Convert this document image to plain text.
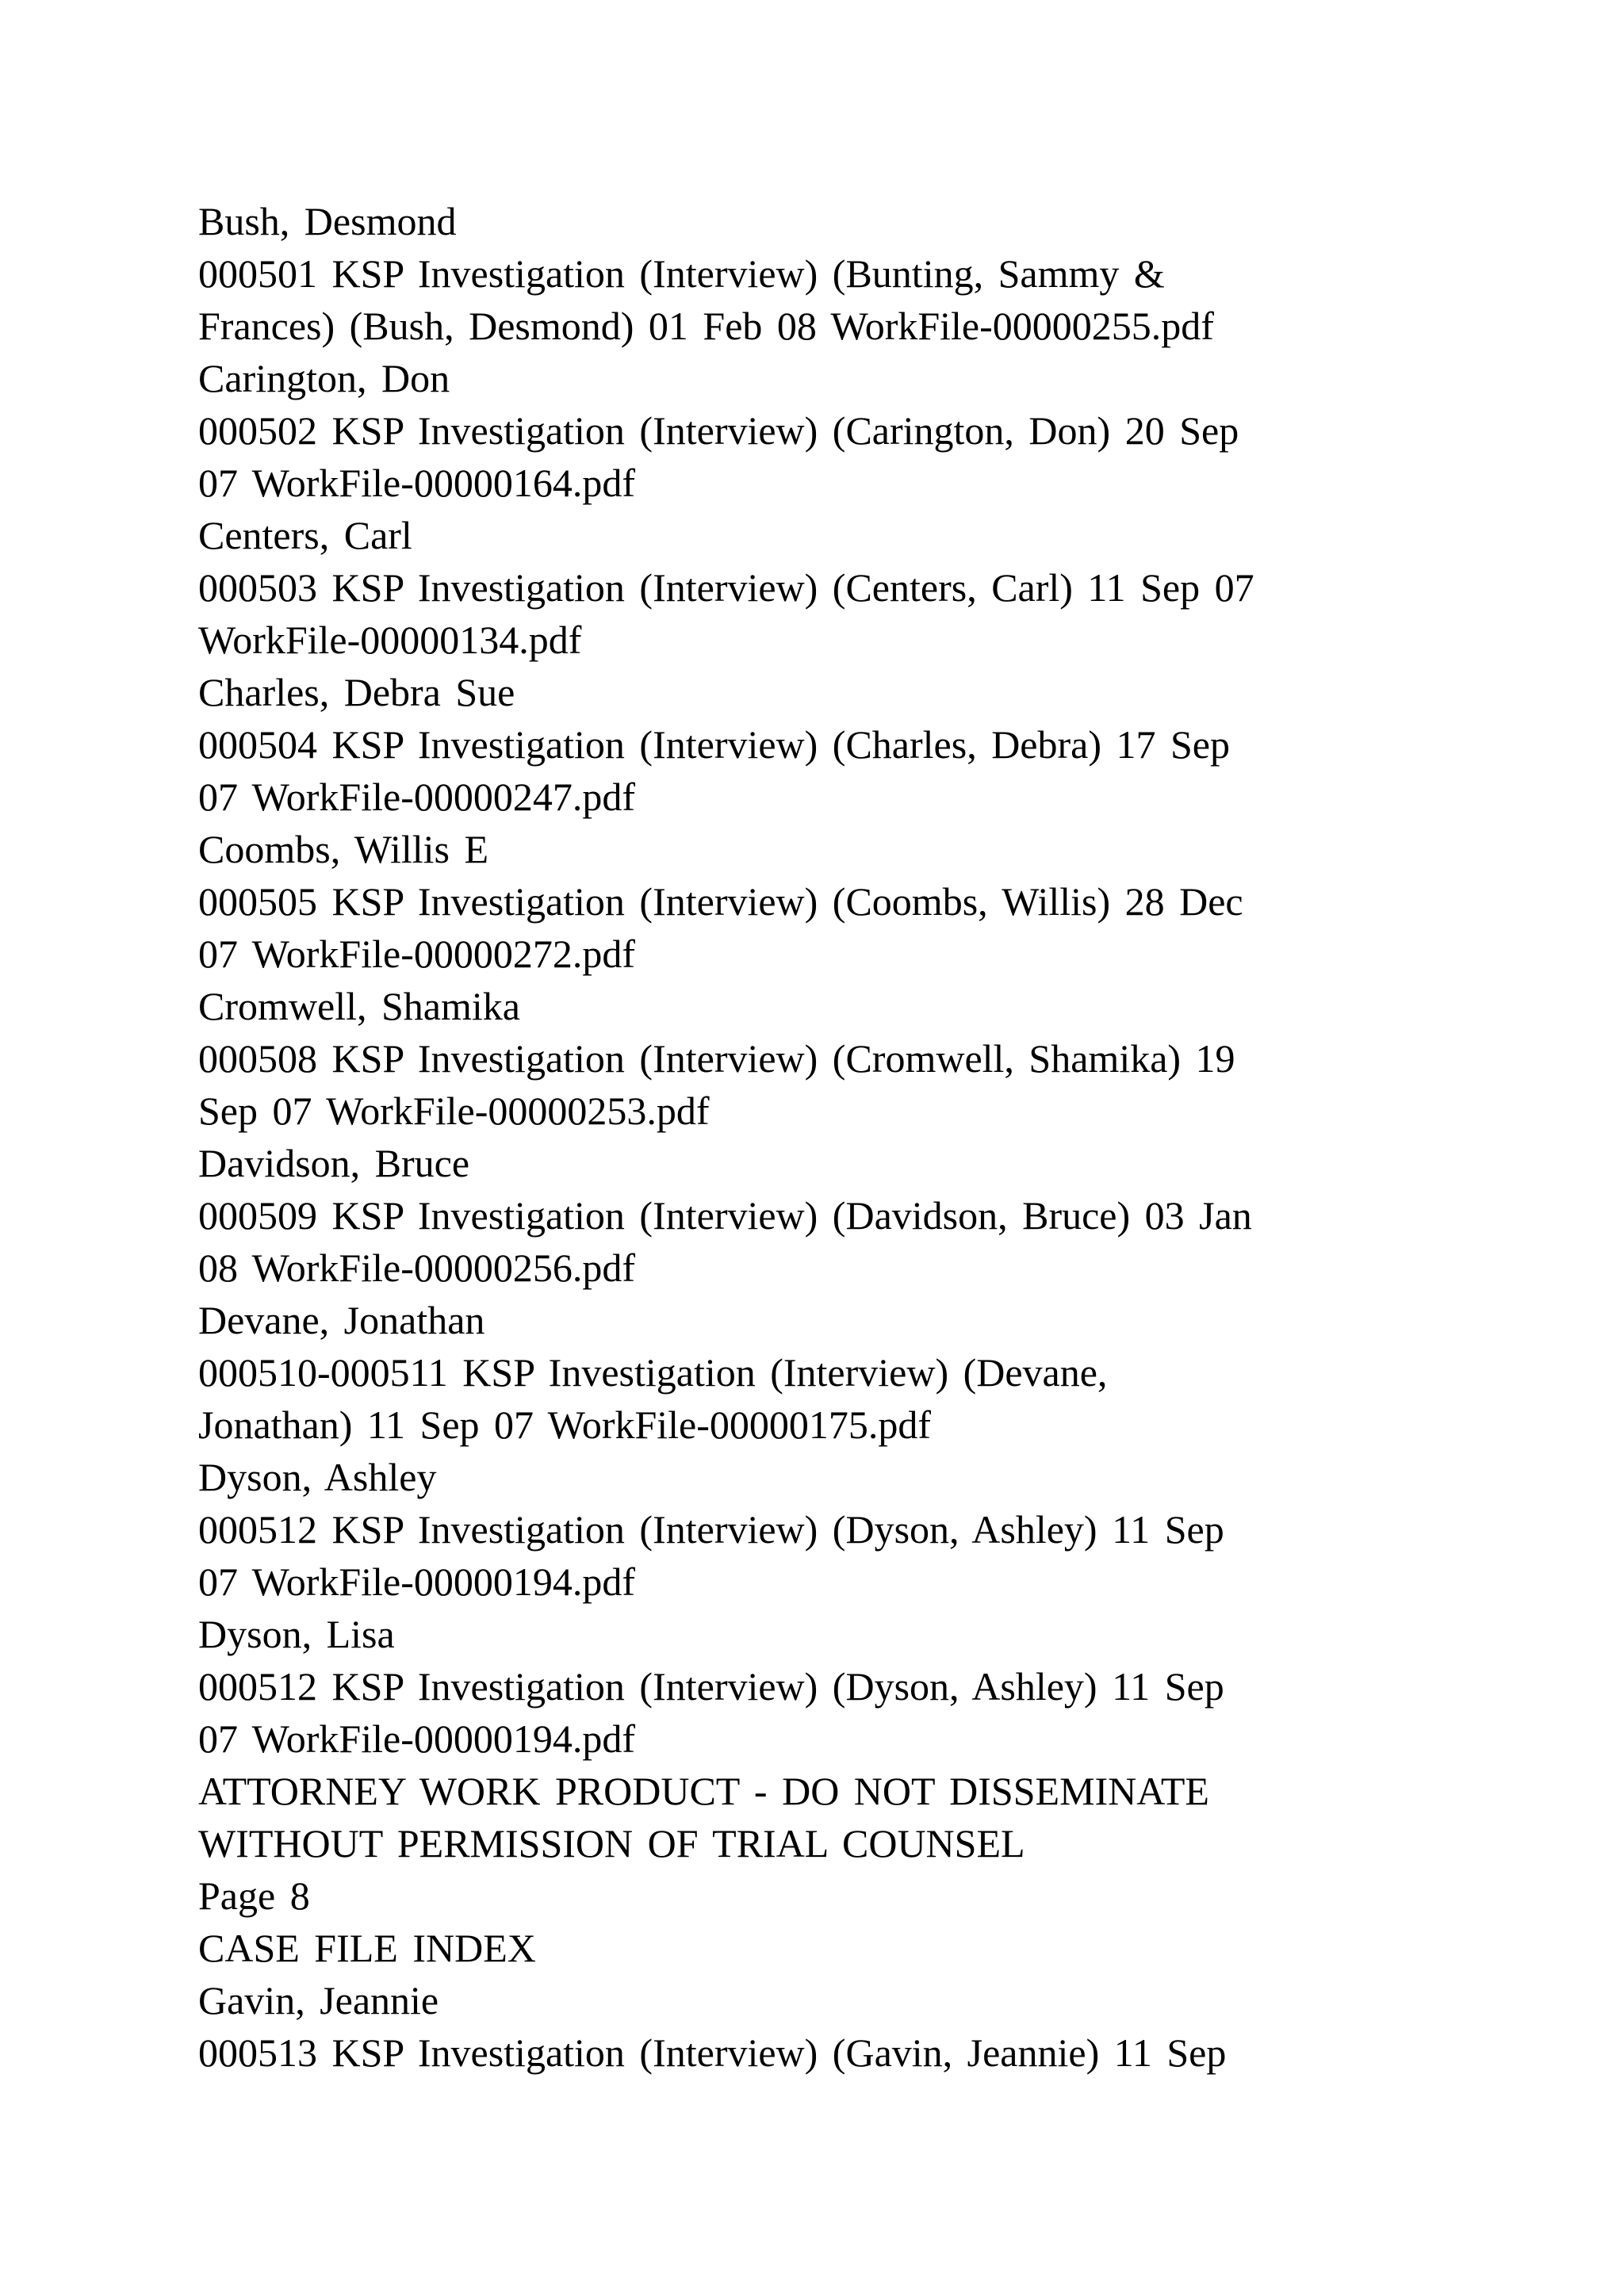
Bush, Desmond
000501 KSP Investigation (Interview) (Bunting, Sammy &
Frances) (Bush, Desmond) 01 Feb 08 WorkFile-00000255.pdf
Carington, Don
000502 KSP Investigation (Interview) (Carington, Don) 20 Sep
07 WorkFile-00000164.pdf
Centers, Carl
000503 KSP Investigation (Interview) (Centers, Carl) 11 Sep 07
WorkFile-00000134.pdf
Charles, Debra Sue
000504 KSP Investigation (Interview) (Charles, Debra) 17 Sep
07 WorkFile-00000247.pdf
Coombs, Willis E
000505 KSP Investigation (Interview) (Coombs, Willis) 28 Dec
07 WorkFile-00000272.pdf
Cromwell, Shamika
000508 KSP Investigation (Interview) (Cromwell, Shamika) 19
Sep 07 WorkFile-00000253.pdf
Davidson, Bruce
000509 KSP Investigation (Interview) (Davidson, Bruce) 03 Jan
08 WorkFile-00000256.pdf
Devane, Jonathan
000510-000511 KSP Investigation (Interview) (Devane,
Jonathan) 11 Sep 07 WorkFile-00000175.pdf
Dyson, Ashley
000512 KSP Investigation (Interview) (Dyson, Ashley) 11 Sep
07 WorkFile-00000194.pdf
Dyson, Lisa
000512 KSP Investigation (Interview) (Dyson, Ashley) 11 Sep
07 WorkFile-00000194.pdf
ATTORNEY WORK PRODUCT - DO NOT DISSEMINATE
WITHOUT PERMISSION OF TRIAL COUNSEL
Page 8
CASE FILE INDEX
Gavin, Jeannie
000513 KSP Investigation (Interview) (Gavin, Jeannie) 11 Sep
